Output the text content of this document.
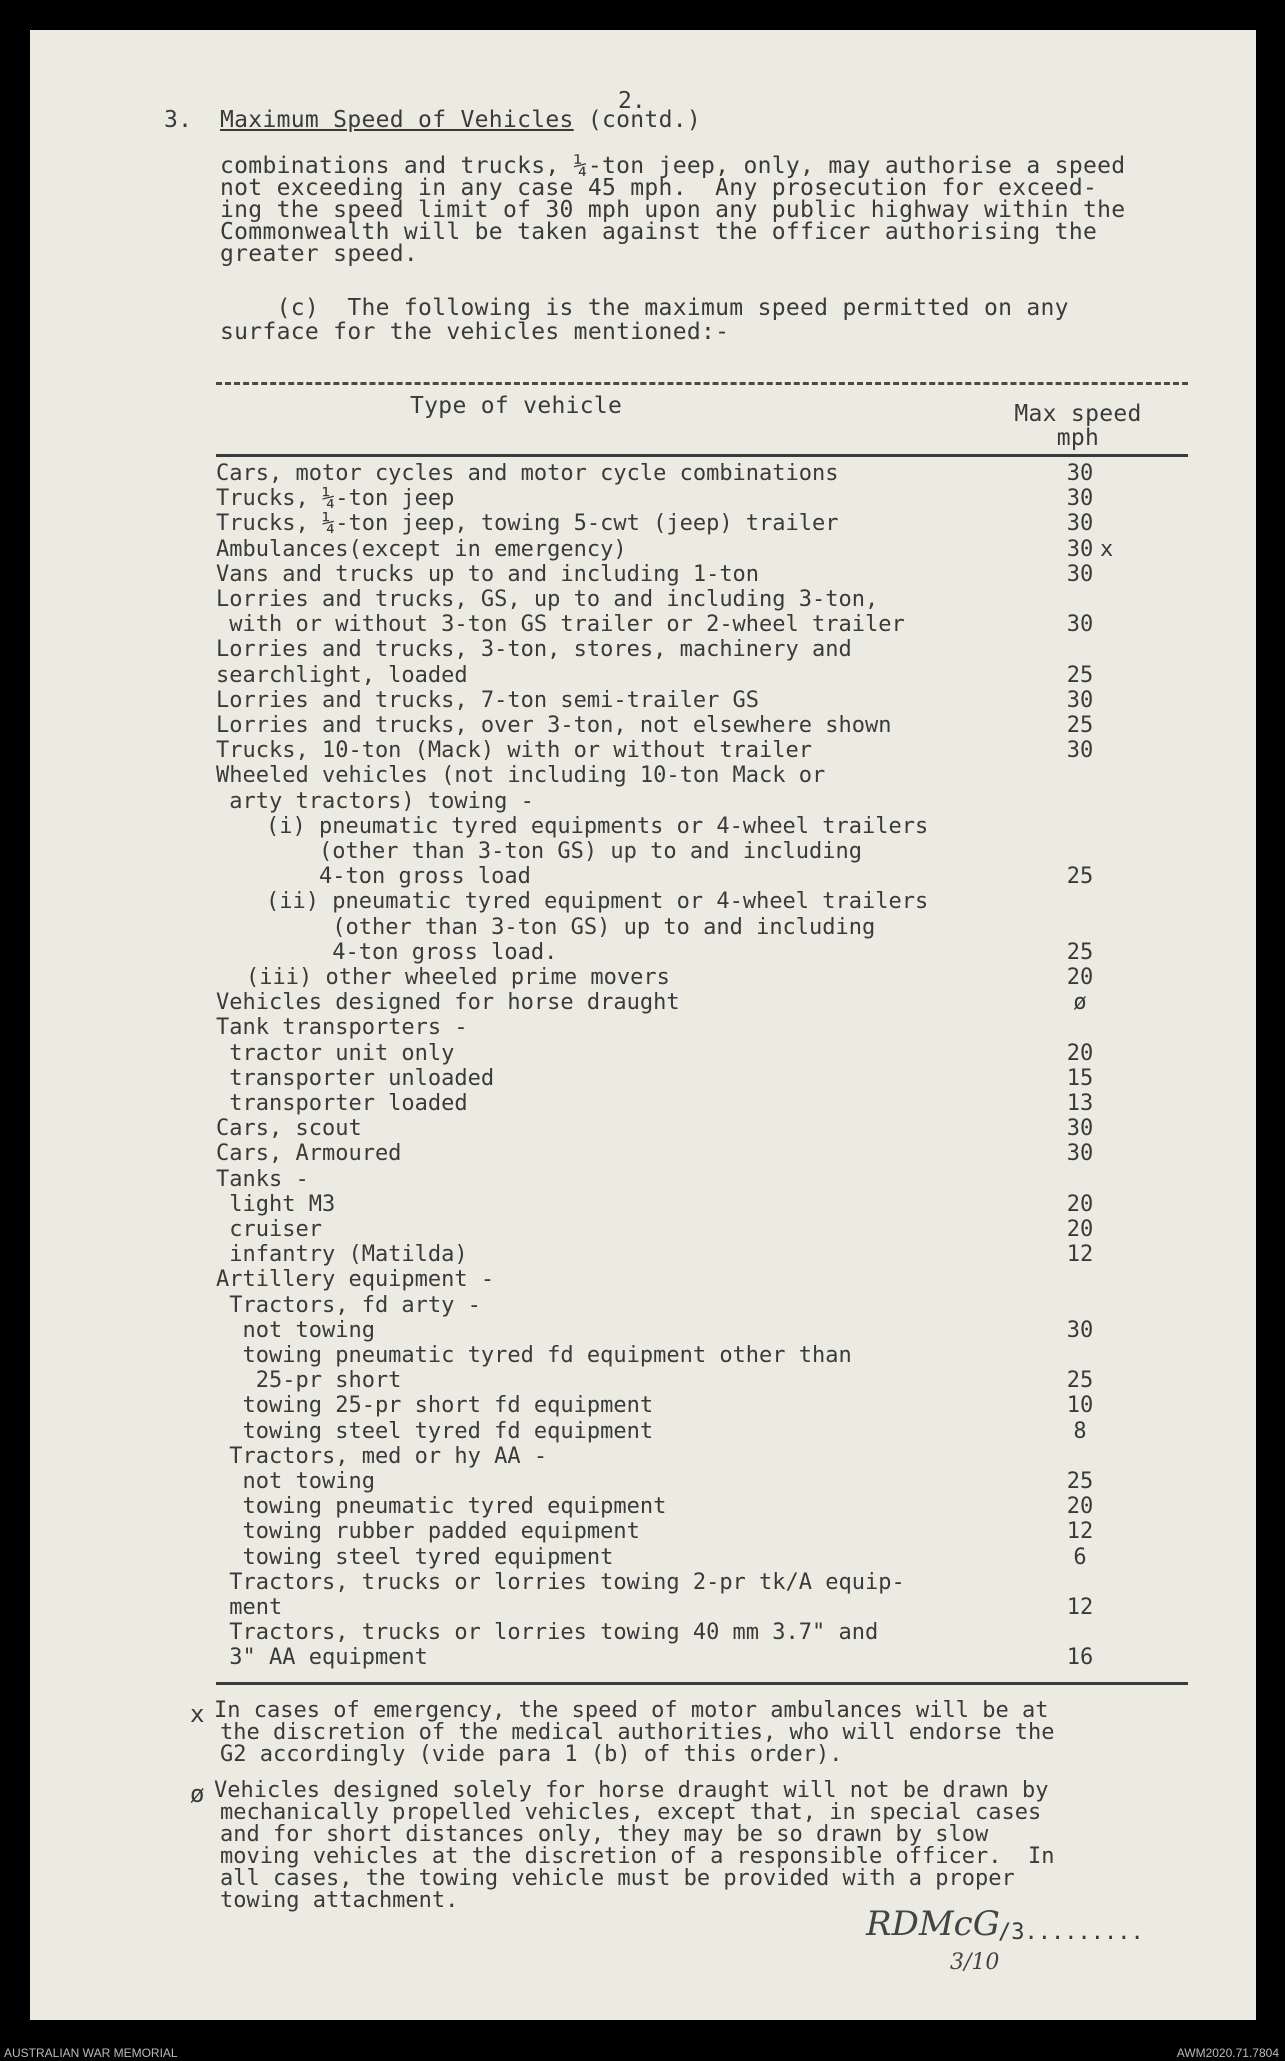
2.
3. Maximum Speed of Vehicles (contd.)
combinations and trucks, ¼-ton jeep, only, may authorise a speed
not exceeding in any case 45 mph.  Any prosecution for exceed-
ing the speed limit of 30 mph upon any public highway within the
Commonwealth will be taken against the officer authorising the
greater speed.
(c)  The following is the maximum speed permitted on any
surface for the vehicles mentioned:-
Type of vehicle	Max speed mph
Cars, motor cycles and motor cycle combinations	30
Trucks, ¼-ton jeep	30
Trucks, ¼-ton jeep, towing 5-cwt (jeep) trailer	30
Ambulances(except in emergency)	30 x
Vans and trucks up to and including 1-ton	30
Lorries and trucks, GS, up to and including 3-ton,
with or without 3-ton GS trailer or 2-wheel trailer	30
Lorries and trucks, 3-ton, stores, machinery and
searchlight, loaded	25
Lorries and trucks, 7-ton semi-trailer GS	30
Lorries and trucks, over 3-ton, not elsewhere shown	25
Trucks, 10-ton (Mack) with or without trailer	30
Wheeled vehicles (not including 10-ton Mack or
arty tractors) towing -
(i) pneumatic tyred equipments or 4-wheel trailers
(other than 3-ton GS) up to and including
4-ton gross load	25
(ii) pneumatic tyred equipment or 4-wheel trailers
(other than 3-ton GS) up to and including
4-ton gross load.	25
(iii) other wheeled prime movers	20
Vehicles designed for horse draught	ø
Tank transporters -
tractor unit only	20
transporter unloaded	15
transporter loaded	13
Cars, scout	30
Cars, Armoured	30
Tanks -
light M3	20
cruiser	20
infantry (Matilda)	12
Artillery equipment -
Tractors, fd arty -
not towing	30
towing pneumatic tyred fd equipment other than
25-pr short	25
towing 25-pr short fd equipment	10
towing steel tyred fd equipment	8
Tractors, med or hy AA -
not towing	25
towing pneumatic tyred equipment	20
towing rubber padded equipment	12
towing steel tyred equipment	6
Tractors, trucks or lorries towing 2-pr tk/A equip-
ment	12
Tractors, trucks or lorries towing 40 mm 3.7" and
3" AA equipment	16
x In cases of emergency, the speed of motor ambulances will be at
the discretion of the medical authorities, who will endorse the
G2 accordingly (vide para 1 (b) of this order).
ø Vehicles designed solely for horse draught will not be drawn by
mechanically propelled vehicles, except that, in special cases
and for short distances only, they may be so drawn by slow
moving vehicles at the discretion of a responsible officer.  In
all cases, the towing vehicle must be provided with a proper
towing attachment.
RDMcG
3/10
/3.........
AUSTRALIAN WAR MEMORIAL	AWM2020.71.7804
